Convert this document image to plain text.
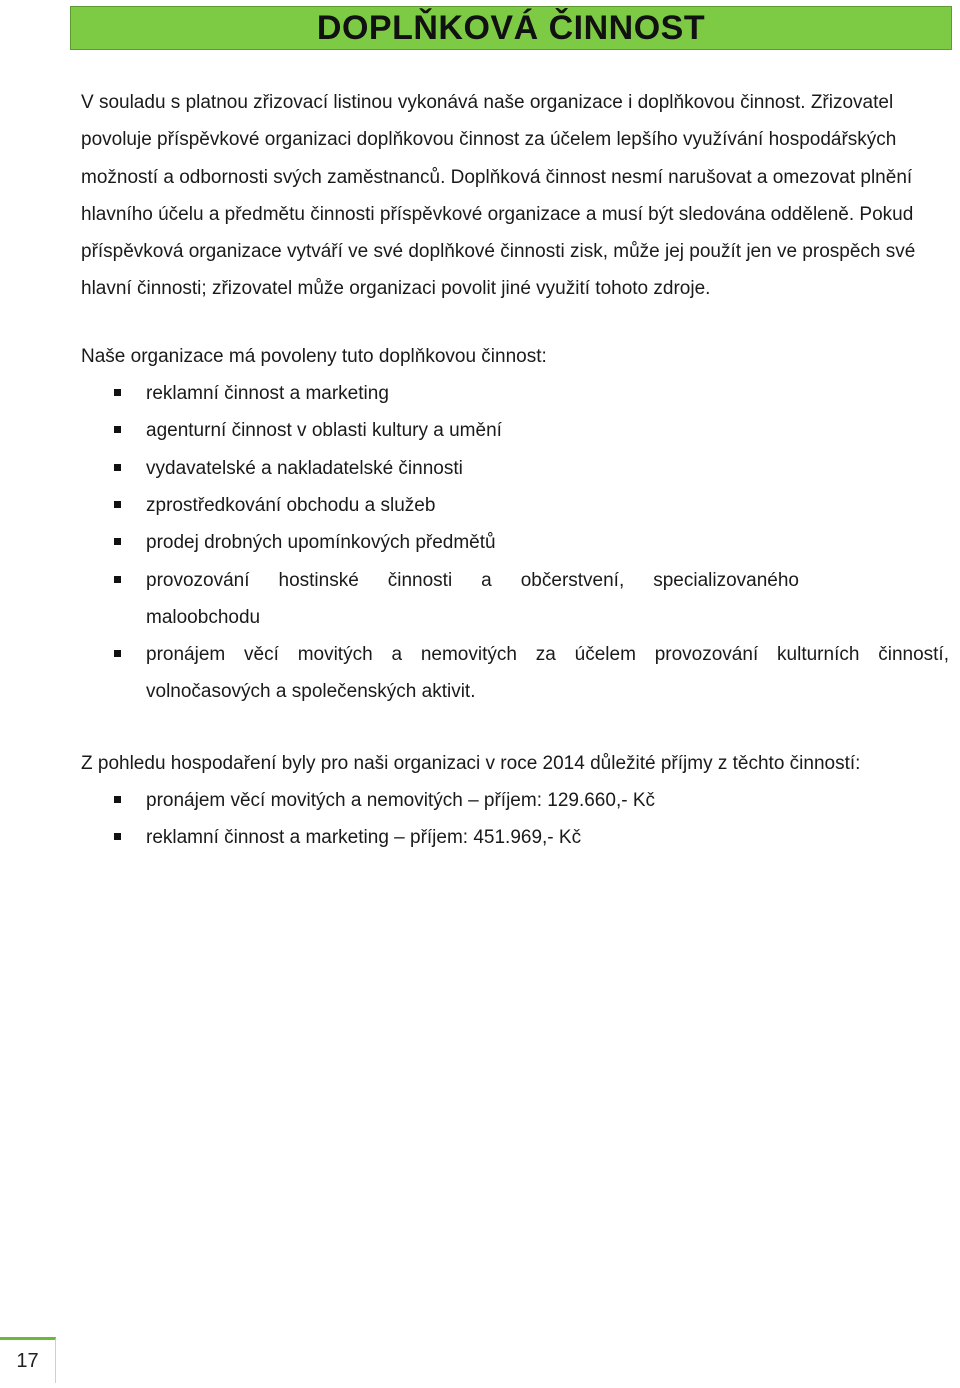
DOPLŇKOVÁ ČINNOST

V souladu s platnou zřizovací listinou vykonává naše organizace i doplňkovou činnost. Zřizovatel povoluje příspěvkové organizaci doplňkovou činnost za účelem lepšího využívání hospodářských možností a odbornosti svých zaměstnanců. Doplňková činnost nesmí narušovat a omezovat plnění hlavního účelu a předmětu činnosti příspěvkové organizace a musí být sledována odděleně. Pokud příspěvková organizace vytváří ve své doplňkové činnosti zisk, může jej použít jen ve prospěch své hlavní činnosti; zřizovatel může organizaci povolit jiné využití tohoto zdroje.

Naše organizace má povoleny tuto doplňkovou činnost:

reklamní činnost a marketing
agenturní činnost v oblasti kultury a umění
vydavatelské a nakladatelské činnosti
zprostředkování obchodu a služeb
prodej drobných upomínkových předmětů
provozování hostinské činnosti a občerstvení, specializovaného maloobchodu
pronájem věcí movitých a nemovitých za účelem provozování kulturních činností, volnočasových a společenských aktivit.

Z pohledu hospodaření byly pro naši organizaci v roce 2014 důležité příjmy z těchto činností:

pronájem věcí movitých a nemovitých – příjem: 129.660,- Kč
reklamní činnost a marketing – příjem: 451.969,- Kč
17
